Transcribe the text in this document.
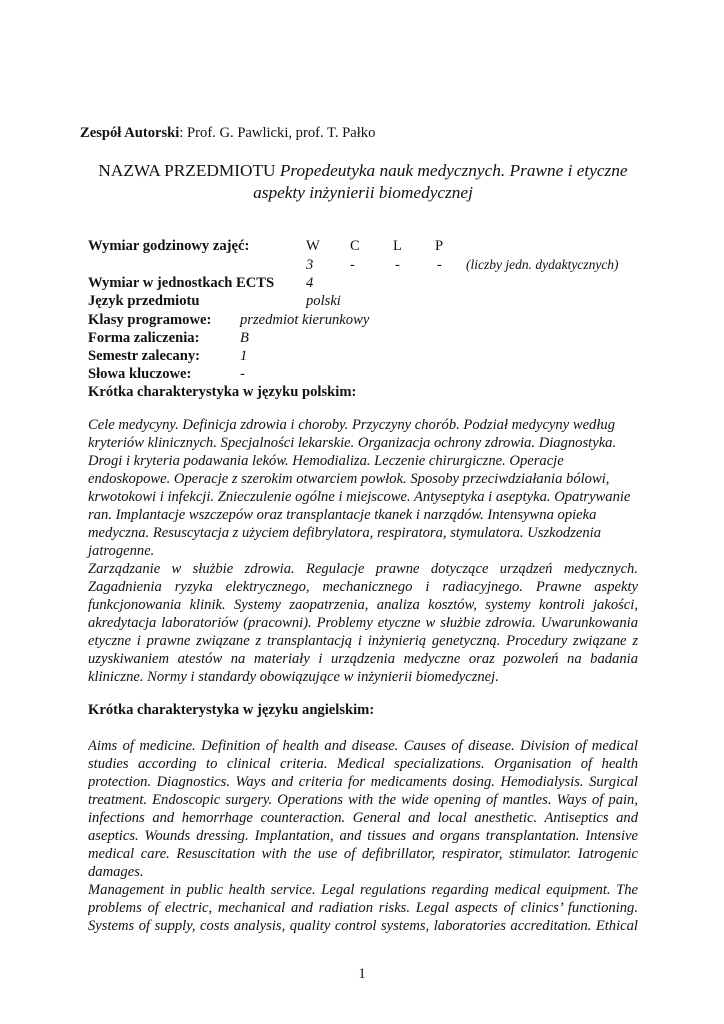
Zespół Autorski: Prof. G. Pawlicki, prof. T. Pałko
NAZWA PRZEDMIOTU Propedeutyka nauk medycznych. Prawne i etyczne
aspekty inżynierii biomedycznej
Wymiar godzinowy zajęć:	W C L P
3	-	-	- (liczby jedn. dydaktycznych)
Wymiar w jednostkach ECTS 4
Język przedmiotu	polski
Klasy programowe: przedmiot kierunkowy
Forma zaliczenia:	B
Semestr zalecany:	1
Słowa kluczowe:	-
Krótka charakterystyka w języku polskim:
Cele medycyny. Definicja zdrowia i choroby. Przyczyny chorób. Podział medycyny według
kryteriów klinicznych. Specjalności lekarskie. Organizacja ochrony zdrowia. Diagnostyka.
Drogi i kryteria podawania leków. Hemodializa. Leczenie chirurgiczne. Operacje
endoskopowe. Operacje z szerokim otwarciem powłok. Sposoby przeciwdziałania bólowi,
krwotokowi i infekcji. Znieczulenie ogólne i miejscowe. Antyseptyka i aseptyka. Opatrywanie
ran. Implantacje wszczepów oraz transplantacje tkanek i narządów. Intensywna opieka
medyczna. Resuscytacja z użyciem defibrylatora, respiratora, stymulatora. Uszkodzenia
jatrogenne.
Zarządzanie w służbie zdrowia. Regulacje prawne dotyczące urządzeń medycznych.
Zagadnienia ryzyka elektrycznego, mechanicznego i radiacyjnego. Prawne aspekty
funkcjonowania klinik. Systemy zaopatrzenia, analiza kosztów, systemy kontroli jakości,
akredytacja laboratoriów (pracowni). Problemy etyczne w służbie zdrowia. Uwarunkowania
etyczne i prawne związane z transplantacją i inżynierią genetyczną. Procedury związane z
uzyskiwaniem atestów na materiały i urządzenia medyczne oraz pozwoleń na badania
kliniczne. Normy i standardy obowiązujące w inżynierii biomedycznej.
Krótka charakterystyka w języku angielskim:
Aims of medicine. Definition of health and disease. Causes of disease. Division of medical
studies according to clinical criteria. Medical specializations. Organisation of health
protection. Diagnostics. Ways and criteria for medicaments dosing. Hemodialysis. Surgical
treatment. Endoscopic surgery. Operations with the wide opening of mantles. Ways of pain,
infections and hemorrhage counteraction. General and local anesthetic. Antiseptics and
aseptics. Wounds dressing. Implantation, and tissues and organs transplantation. Intensive
medical care. Resuscitation with the use of defibrillator, respirator, stimulator. Iatrogenic
damages.
Management in public health service. Legal regulations regarding medical equipment. The
problems of electric, mechanical and radiation risks. Legal aspects of clinics’ functioning.
Systems of supply, costs analysis, quality control systems, laboratories accreditation. Ethical
1
